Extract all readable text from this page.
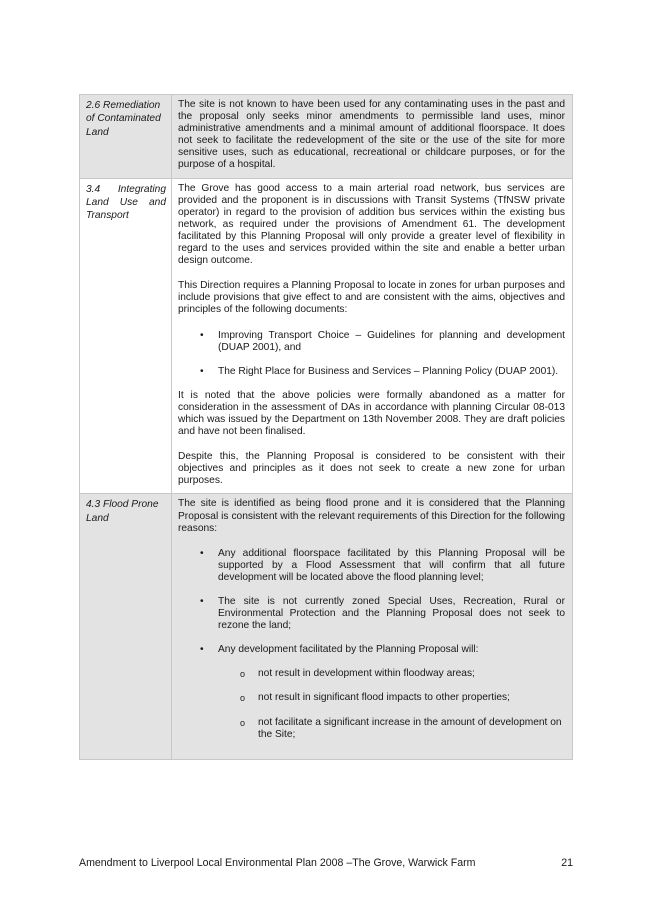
2.6 Remediation of Contaminated Land

The site is not known to have been used for any contaminating uses in the past and the proposal only seeks minor amendments to permissible land uses, minor administrative amendments and a minimal amount of additional floorspace. It does not seek to facilitate the redevelopment of the site or the use of the site for more sensitive uses, such as educational, recreational or childcare purposes, or for the purpose of a hospital.

3.4 Integrating Land Use and Transport

The Grove has good access to a main arterial road network, bus services are provided and the proponent is in discussions with Transit Systems (TfNSW private operator) in regard to the provision of addition bus services within the existing bus network, as required under the provisions of Amendment 61. The development facilitated by this Planning Proposal will only provide a greater level of flexibility in regard to the uses and services provided within the site and enable a better urban design outcome.

This Direction requires a Planning Proposal to locate in zones for urban purposes and include provisions that give effect to and are consistent with the aims, objectives and principles of the following documents:

• Improving Transport Choice – Guidelines for planning and development (DUAP 2001), and
• The Right Place for Business and Services – Planning Policy (DUAP 2001).

It is noted that the above policies were formally abandoned as a matter for consideration in the assessment of DAs in accordance with planning Circular 08-013 which was issued by the Department on 13th November 2008. They are draft policies and have not been finalised.

Despite this, the Planning Proposal is considered to be consistent with their objectives and principles as it does not seek to create a new zone for urban purposes.

4.3 Flood Prone Land

The site is identified as being flood prone and it is considered that the Planning Proposal is consistent with the relevant requirements of this Direction for the following reasons:

• Any additional floorspace facilitated by this Planning Proposal will be supported by a Flood Assessment that will confirm that all future development will be located above the flood planning level;
• The site is not currently zoned Special Uses, Recreation, Rural or Environmental Protection and the Planning Proposal does not seek to rezone the land;
• Any development facilitated by the Planning Proposal will:
o not result in development within floodway areas;
o not result in significant flood impacts to other properties;
o not facilitate a significant increase in the amount of development on the Site;
Amendment to Liverpool Local Environmental Plan 2008 –The Grove, Warwick Farm	21
